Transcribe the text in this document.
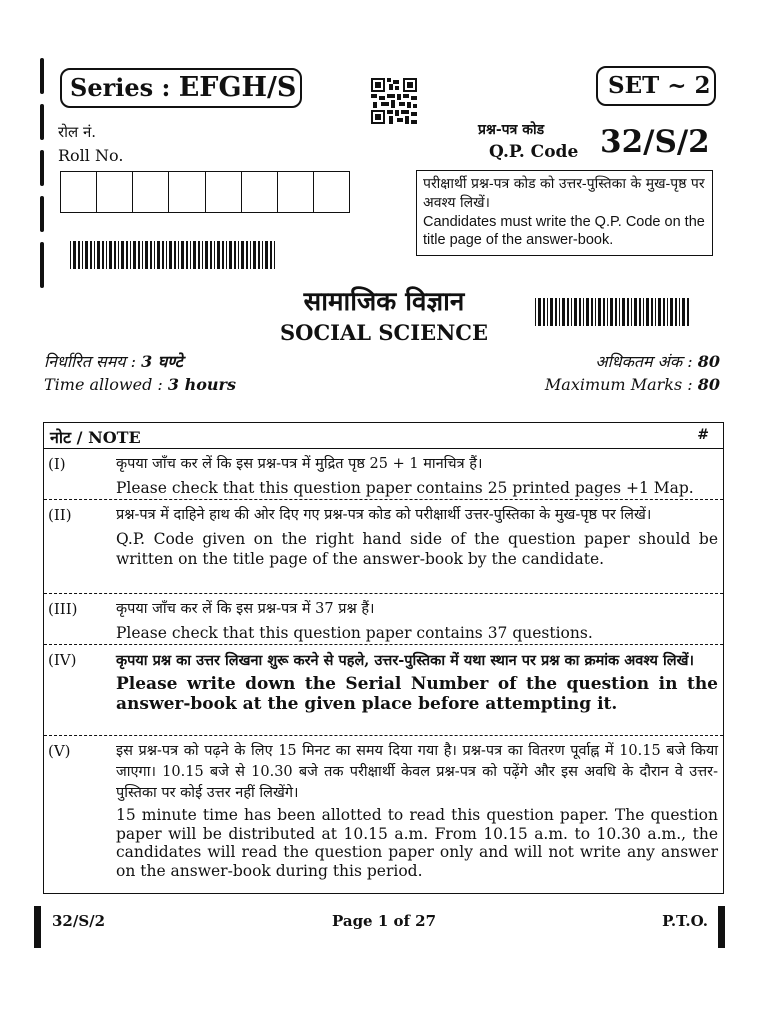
Series : EFGH/S	SET ~ 2
रोल नं.
Roll No.
प्रश्न-पत्र कोड
Q.P. Code 32/S/2
परीक्षार्थी प्रश्न-पत्र कोड को उत्तर-पुस्तिका के मुख-पृष्ठ पर अवश्य लिखें।
Candidates must write the Q.P. Code on the title page of the answer-book.
सामाजिक विज्ञान
SOCIAL SCIENCE
निर्धारित समय : 3 घण्टे
Time allowed : 3 hours
अधिकतम अंक : 80
Maximum Marks : 80
नोट / NOTE	#
(I)	कृपया जाँच कर लें कि इस प्रश्न-पत्र में मुद्रित पृष्ठ 25 + 1 मानचित्र हैं।
Please check that this question paper contains 25 printed pages +1 Map.
(II)	प्रश्न-पत्र में दाहिने हाथ की ओर दिए गए प्रश्न-पत्र कोड को परीक्षार्थी उत्तर-पुस्तिका के मुख-पृष्ठ पर लिखें।
Q.P. Code given on the right hand side of the question paper should be written on the title page of the answer-book by the candidate.
(III)	कृपया जाँच कर लें कि इस प्रश्न-पत्र में 37 प्रश्न हैं।
Please check that this question paper contains 37 questions.
(IV)	कृपया प्रश्न का उत्तर लिखना शुरू करने से पहले, उत्तर-पुस्तिका में यथा स्थान पर प्रश्न का क्रमांक अवश्य लिखें।
Please write down the Serial Number of the question in the answer-book at the given place before attempting it.
(V)	इस प्रश्न-पत्र को पढ़ने के लिए 15 मिनट का समय दिया गया है। प्रश्न-पत्र का वितरण पूर्वाह्न में 10.15 बजे किया जाएगा। 10.15 बजे से 10.30 बजे तक परीक्षार्थी केवल प्रश्न-पत्र को पढ़ेंगे और इस अवधि के दौरान वे उत्तर-पुस्तिका पर कोई उत्तर नहीं लिखेंगे।
15 minute time has been allotted to read this question paper. The question paper will be distributed at 10.15 a.m. From 10.15 a.m. to 10.30 a.m., the candidates will read the question paper only and will not write any answer on the answer-book during this period.
32/S/2	Page 1 of 27	P.T.O.
